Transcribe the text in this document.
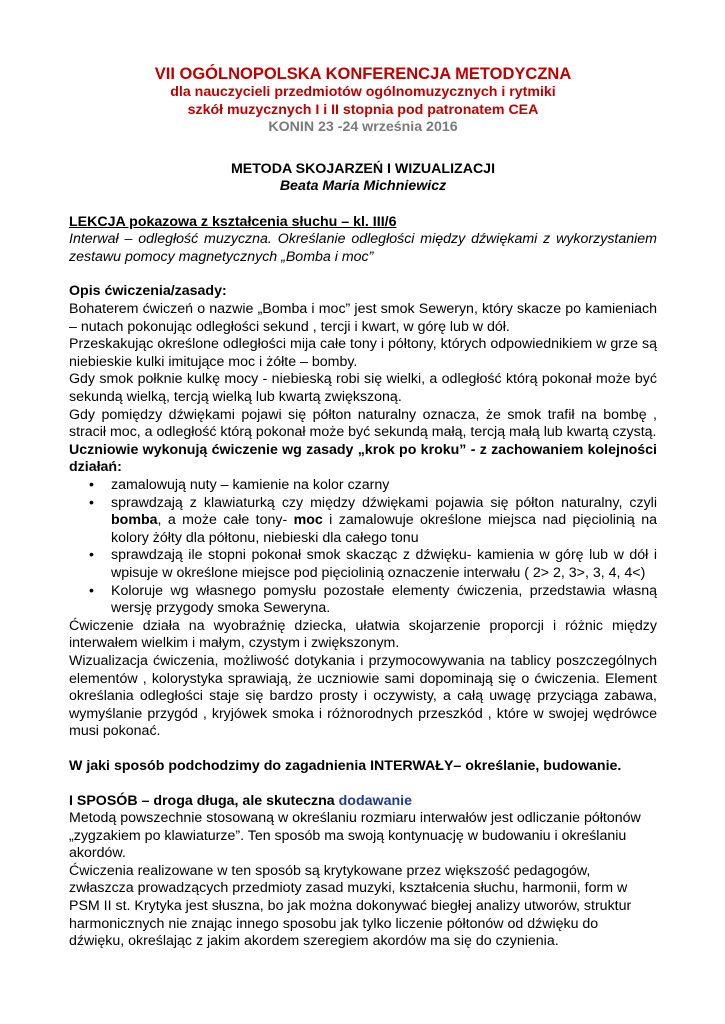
VII OGÓLNOPOLSKA KONFERENCJA METODYCZNA
dla nauczycieli przedmiotów ogólnomuzycznych i rytmiki
szkół muzycznych I i II stopnia pod patronatem CEA
KONIN 23 -24 września 2016
METODA SKOJARZEŃ I WIZUALIZACJI
Beata Maria Michniewicz
LEKCJA pokazowa z kształcenia słuchu – kl. III/6

Interwał – odległość muzyczna. Określanie odległości między dźwiękami z wykorzystaniem zestawu pomocy magnetycznych „Bomba i moc”

Opis ćwiczenia/zasady:

Bohaterem ćwiczeń o nazwie „Bomba i moc” jest smok Seweryn, który skacze po kamieniach – nutach pokonując odległości sekund , tercji i kwart, w górę lub w dół.

Przeskakując określone odległości mija całe tony i półtony, których odpowiednikiem w grze są niebieskie kulki imitujące moc i żółte – bomby.

Gdy smok połknie kulkę mocy - niebieską robi się wielki, a odległość którą pokonał może być sekundą wielką, tercją wielką lub kwartą zwiększoną.

Gdy pomiędzy dźwiękami pojawi się półton naturalny oznacza, że smok trafił na bombę , stracił moc, a odległość którą pokonał może być sekundą małą, tercją małą lub kwartą czystą.

Uczniowie wykonują ćwiczenie wg zasady „krok po kroku” - z zachowaniem kolejności działań:

• zamalowują nuty – kamienie na kolor czarny
• sprawdzają z klawiaturką czy między dźwiękami pojawia się półton naturalny, czyli bomba, a może całe tony- moc i zamalowuje określone miejsca nad pięciolinią na kolory żółty dla półtonu, niebieski dla całego tonu
• sprawdzają ile stopni pokonał smok skacząc z dźwięku- kamienia w górę lub w dół i wpisuje w określone miejsce pod pięciolinią oznaczenie interwału ( 2> 2, 3>, 3, 4, 4<)
• Koloruje wg własnego pomysłu pozostałe elementy ćwiczenia, przedstawia własną wersję przygody smoka Seweryna.

Ćwiczenie działa na wyobraźnię dziecka, ułatwia skojarzenie proporcji i różnic między interwałem wielkim i małym, czystym i zwiększonym.

Wizualizacja ćwiczenia, możliwość dotykania i przymocowywania na tablicy poszczególnych elementów , kolorystyka sprawiają, że uczniowie sami dopominają się o ćwiczenia. Element określania odległości staje się bardzo prosty i oczywisty, a całą uwagę przyciąga zabawa, wymyślanie przygód , kryjówek smoka i różnorodnych przeszkód , które w swojej wędrówce musi pokonać.

W jaki sposób podchodzimy do zagadnienia INTERWAŁY– określanie, budowanie.

I SPOSÓB – droga długa, ale skuteczna dodawanie

Metodą powszechnie stosowaną w określaniu rozmiaru interwałów jest odliczanie półtonów „zygzakiem po klawiaturze”. Ten sposób ma swoją kontynuację w budowaniu i określaniu akordów.

Ćwiczenia realizowane w ten sposób są krytykowane przez większość pedagogów, zwłaszcza prowadzących przedmioty zasad muzyki, kształcenia słuchu, harmonii, form w PSM II st. Krytyka jest słuszna, bo jak można dokonywać biegłej analizy utworów, struktur harmonicznych nie znając innego sposobu jak tylko liczenie półtonów od dźwięku do dźwięku, określając z jakim akordem szeregiem akordów ma się do czynienia.
